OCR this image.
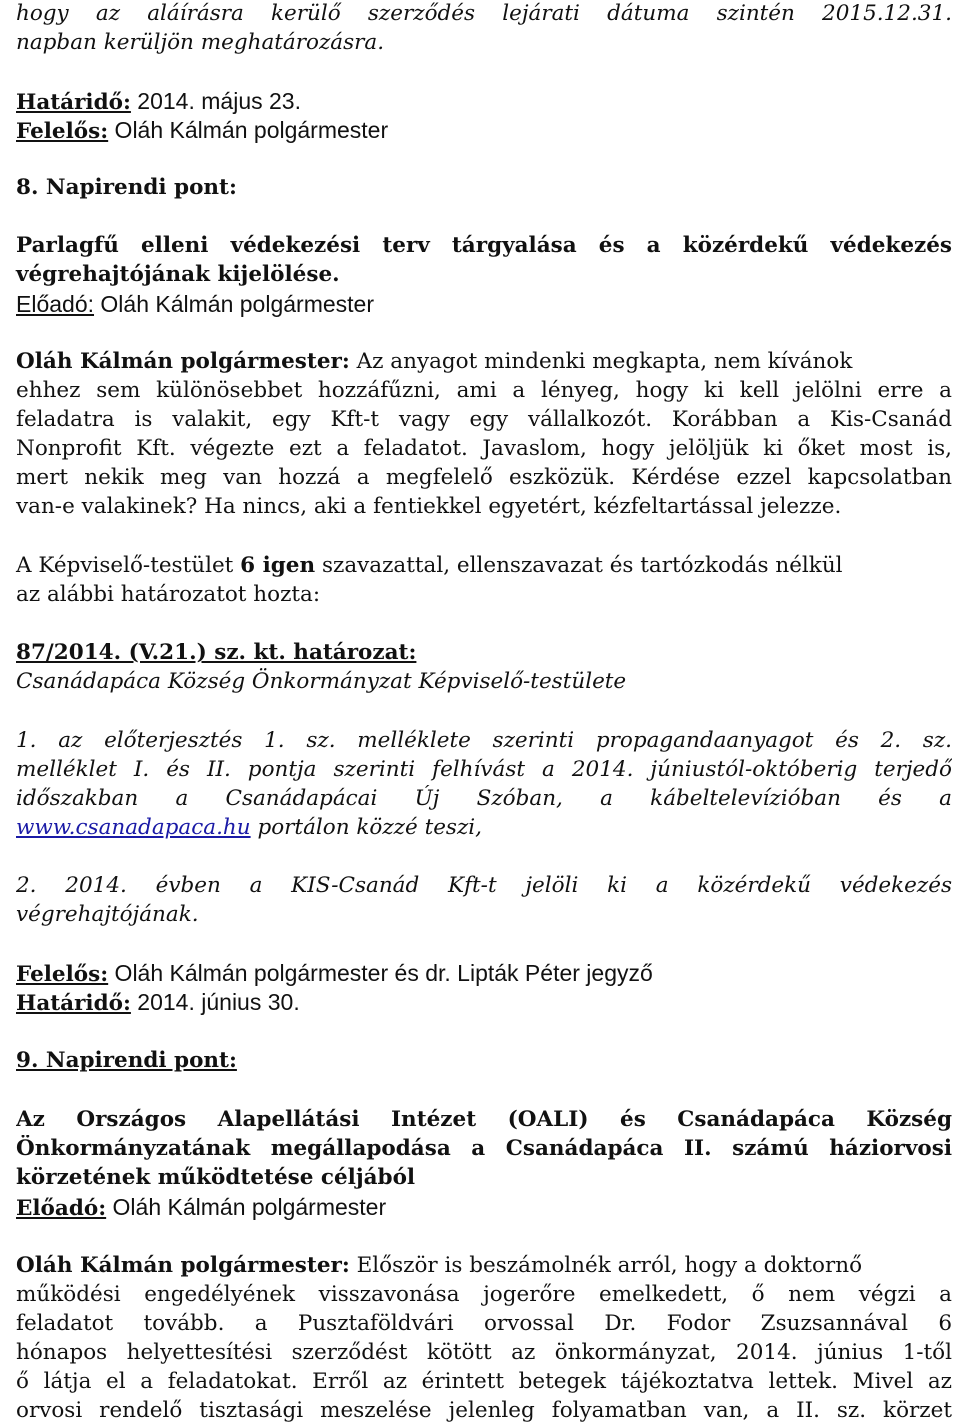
hogy az aláírásra kerülő szerződés lejárati dátuma szintén 2015.12.31.
napban kerüljön meghatározásra.
Határidő: 2014. május 23.
Felelős: Oláh Kálmán polgármester
8. Napirendi pont:
Parlagfű elleni védekezési terv tárgyalása és a közérdekű védekezés
végrehajtójának kijelölése.
Előadó: Oláh Kálmán polgármester
Oláh Kálmán polgármester: Az anyagot mindenki megkapta, nem kívánok
ehhez sem különösebbet hozzáfűzni, ami a lényeg, hogy ki kell jelölni erre a
feladatra is valakit, egy Kft-t vagy egy vállalkozót. Korábban a Kis-Csanád
Nonprofit Kft. végezte ezt a feladatot. Javaslom, hogy jelöljük ki őket most is,
mert nekik meg van hozzá a megfelelő eszközük. Kérdése ezzel kapcsolatban
van-e valakinek? Ha nincs, aki a fentiekkel egyetért, kézfeltartással jelezze.
A Képviselő-testület 6 igen szavazattal, ellenszavazat és tartózkodás nélkül
az alábbi határozatot hozta:
87/2014. (V.21.) sz. kt. határozat:
Csanádapáca Község Önkormányzat Képviselő-testülete
1. az előterjesztés 1. sz. melléklete szerinti propagandaanyagot és 2. sz.
melléklet I. és II. pontja szerinti felhívást a 2014. júniustól-októberig terjedő
időszakban a Csanádapácai Új Szóban, a kábeltelevízióban és a
www.csanadapaca.hu portálon közzé teszi,
2. 2014. évben a KIS-Csanád Kft-t jelöli ki a közérdekű védekezés
végrehajtójának.
Felelős: Oláh Kálmán polgármester és dr. Lipták Péter jegyző
Határidő: 2014. június 30.
9. Napirendi pont:
Az Országos Alapellátási Intézet (OALI) és Csanádapáca Község
Önkormányzatának megállapodása a Csanádapáca II. számú háziorvosi
körzetének működtetése céljából
Előadó: Oláh Kálmán polgármester
Oláh Kálmán polgármester: Először is beszámolnék arról, hogy a doktornő
működési engedélyének visszavonása jogerőre emelkedett, ő nem végzi a
feladatot tovább. a Pusztaföldvári orvossal Dr. Fodor Zsuzsannával 6
hónapos helyettesítési szerződést kötött az önkormányzat, 2014. június 1-től
ő látja el a feladatokat. Erről az érintett betegek tájékoztatva lettek. Mivel az
orvosi rendelő tisztasági meszelése jelenleg folyamatban van, a II. sz. körzet
